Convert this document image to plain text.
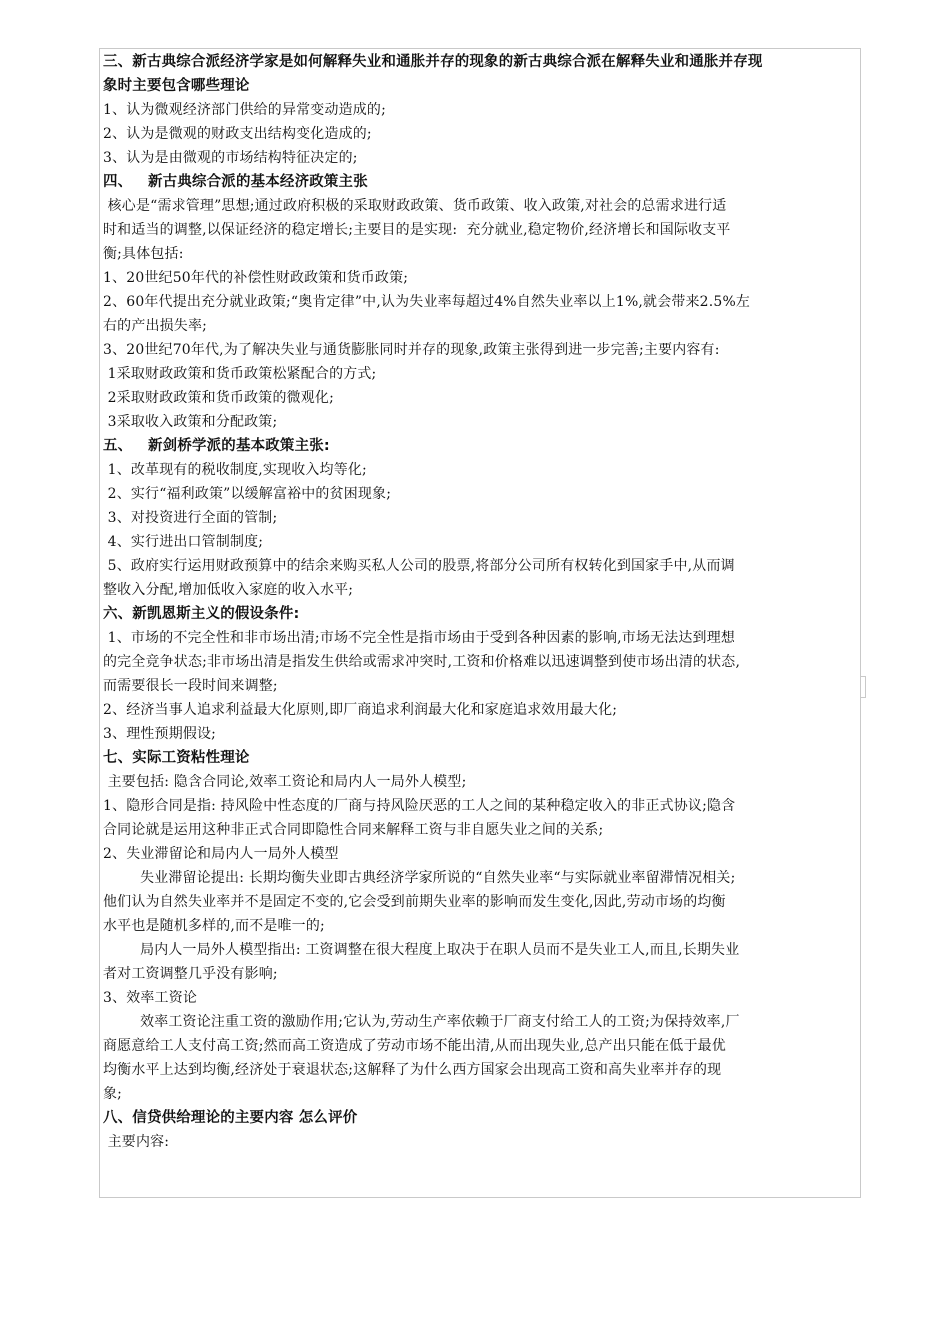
三、新古典综合派经济学家是如何解释失业和通胀并存的现象的新古典综合派在解释失业和通胀并存现
象时主要包含哪些理论
1、认为微观经济部门供给的异常变动造成的;
2、认为是微观的财政支出结构变化造成的;
3、认为是由微观的市场结构特征决定的;
四、   新古典综合派的基本经济政策主张
核心是“需求管理”思想;通过政府积极的采取财政政策、货币政策、收入政策,对社会的总需求进行适
时和适当的调整,以保证经济的稳定增长;主要目的是实现:  充分就业,稳定物价,经济增长和国际收支平
衡;具体包括:
1、20世纪50年代的补偿性财政政策和货币政策;
2、60年代提出充分就业政策;“奥肯定律”中,认为失业率每超过4%自然失业率以上1%,就会带来2.5%左
右的产出损失率;
3、20世纪70年代,为了解决失业与通货膨胀同时并存的现象,政策主张得到进一步完善;主要内容有:
1采取财政政策和货币政策松紧配合的方式;
2采取财政政策和货币政策的微观化;
3采取收入政策和分配政策;
五、   新剑桥学派的基本政策主张:
1、改革现有的税收制度,实现收入均等化;
2、实行“福利政策”以缓解富裕中的贫困现象;
3、对投资进行全面的管制;
4、实行进出口管制制度;
5、政府实行运用财政预算中的结余来购买私人公司的股票,将部分公司所有权转化到国家手中,从而调
整收入分配,增加低收入家庭的收入水平;
六、新凯恩斯主义的假设条件:
1、市场的不完全性和非市场出清;市场不完全性是指市场由于受到各种因素的影响,市场无法达到理想
的完全竞争状态;非市场出清是指发生供给或需求冲突时,工资和价格难以迅速调整到使市场出清的状态,
而需要很长一段时间来调整;
2、经济当事人追求利益最大化原则,即厂商追求利润最大化和家庭追求效用最大化;
3、理性预期假设;
七、实际工资粘性理论
主要包括: 隐含合同论,效率工资论和局内人一局外人模型;
1、隐形合同是指: 持风险中性态度的厂商与持风险厌恶的工人之间的某种稳定收入的非正式协议;隐含
合同论就是运用这种非正式合同即隐性合同来解释工资与非自愿失业之间的关系;
2、失业滞留论和局内人一局外人模型
失业滞留论提出: 长期均衡失业即古典经济学家所说的“自然失业率“与实际就业率留滞情况相关;
他们认为自然失业率并不是固定不变的,它会受到前期失业率的影响而发生变化,因此,劳动市场的均衡
水平也是随机多样的,而不是唯一的;
局内人一局外人模型指出: 工资调整在很大程度上取决于在职人员而不是失业工人,而且,长期失业
者对工资调整几乎没有影响;
3、效率工资论
效率工资论注重工资的激励作用;它认为,劳动生产率依赖于厂商支付给工人的工资;为保持效率,厂
商愿意给工人支付高工资;然而高工资造成了劳动市场不能出清,从而出现失业,总产出只能在低于最优
均衡水平上达到均衡,经济处于衰退状态;这解释了为什么西方国家会出现高工资和高失业率并存的现
象;
八、信贷供给理论的主要内容 怎么评价
主要内容:
